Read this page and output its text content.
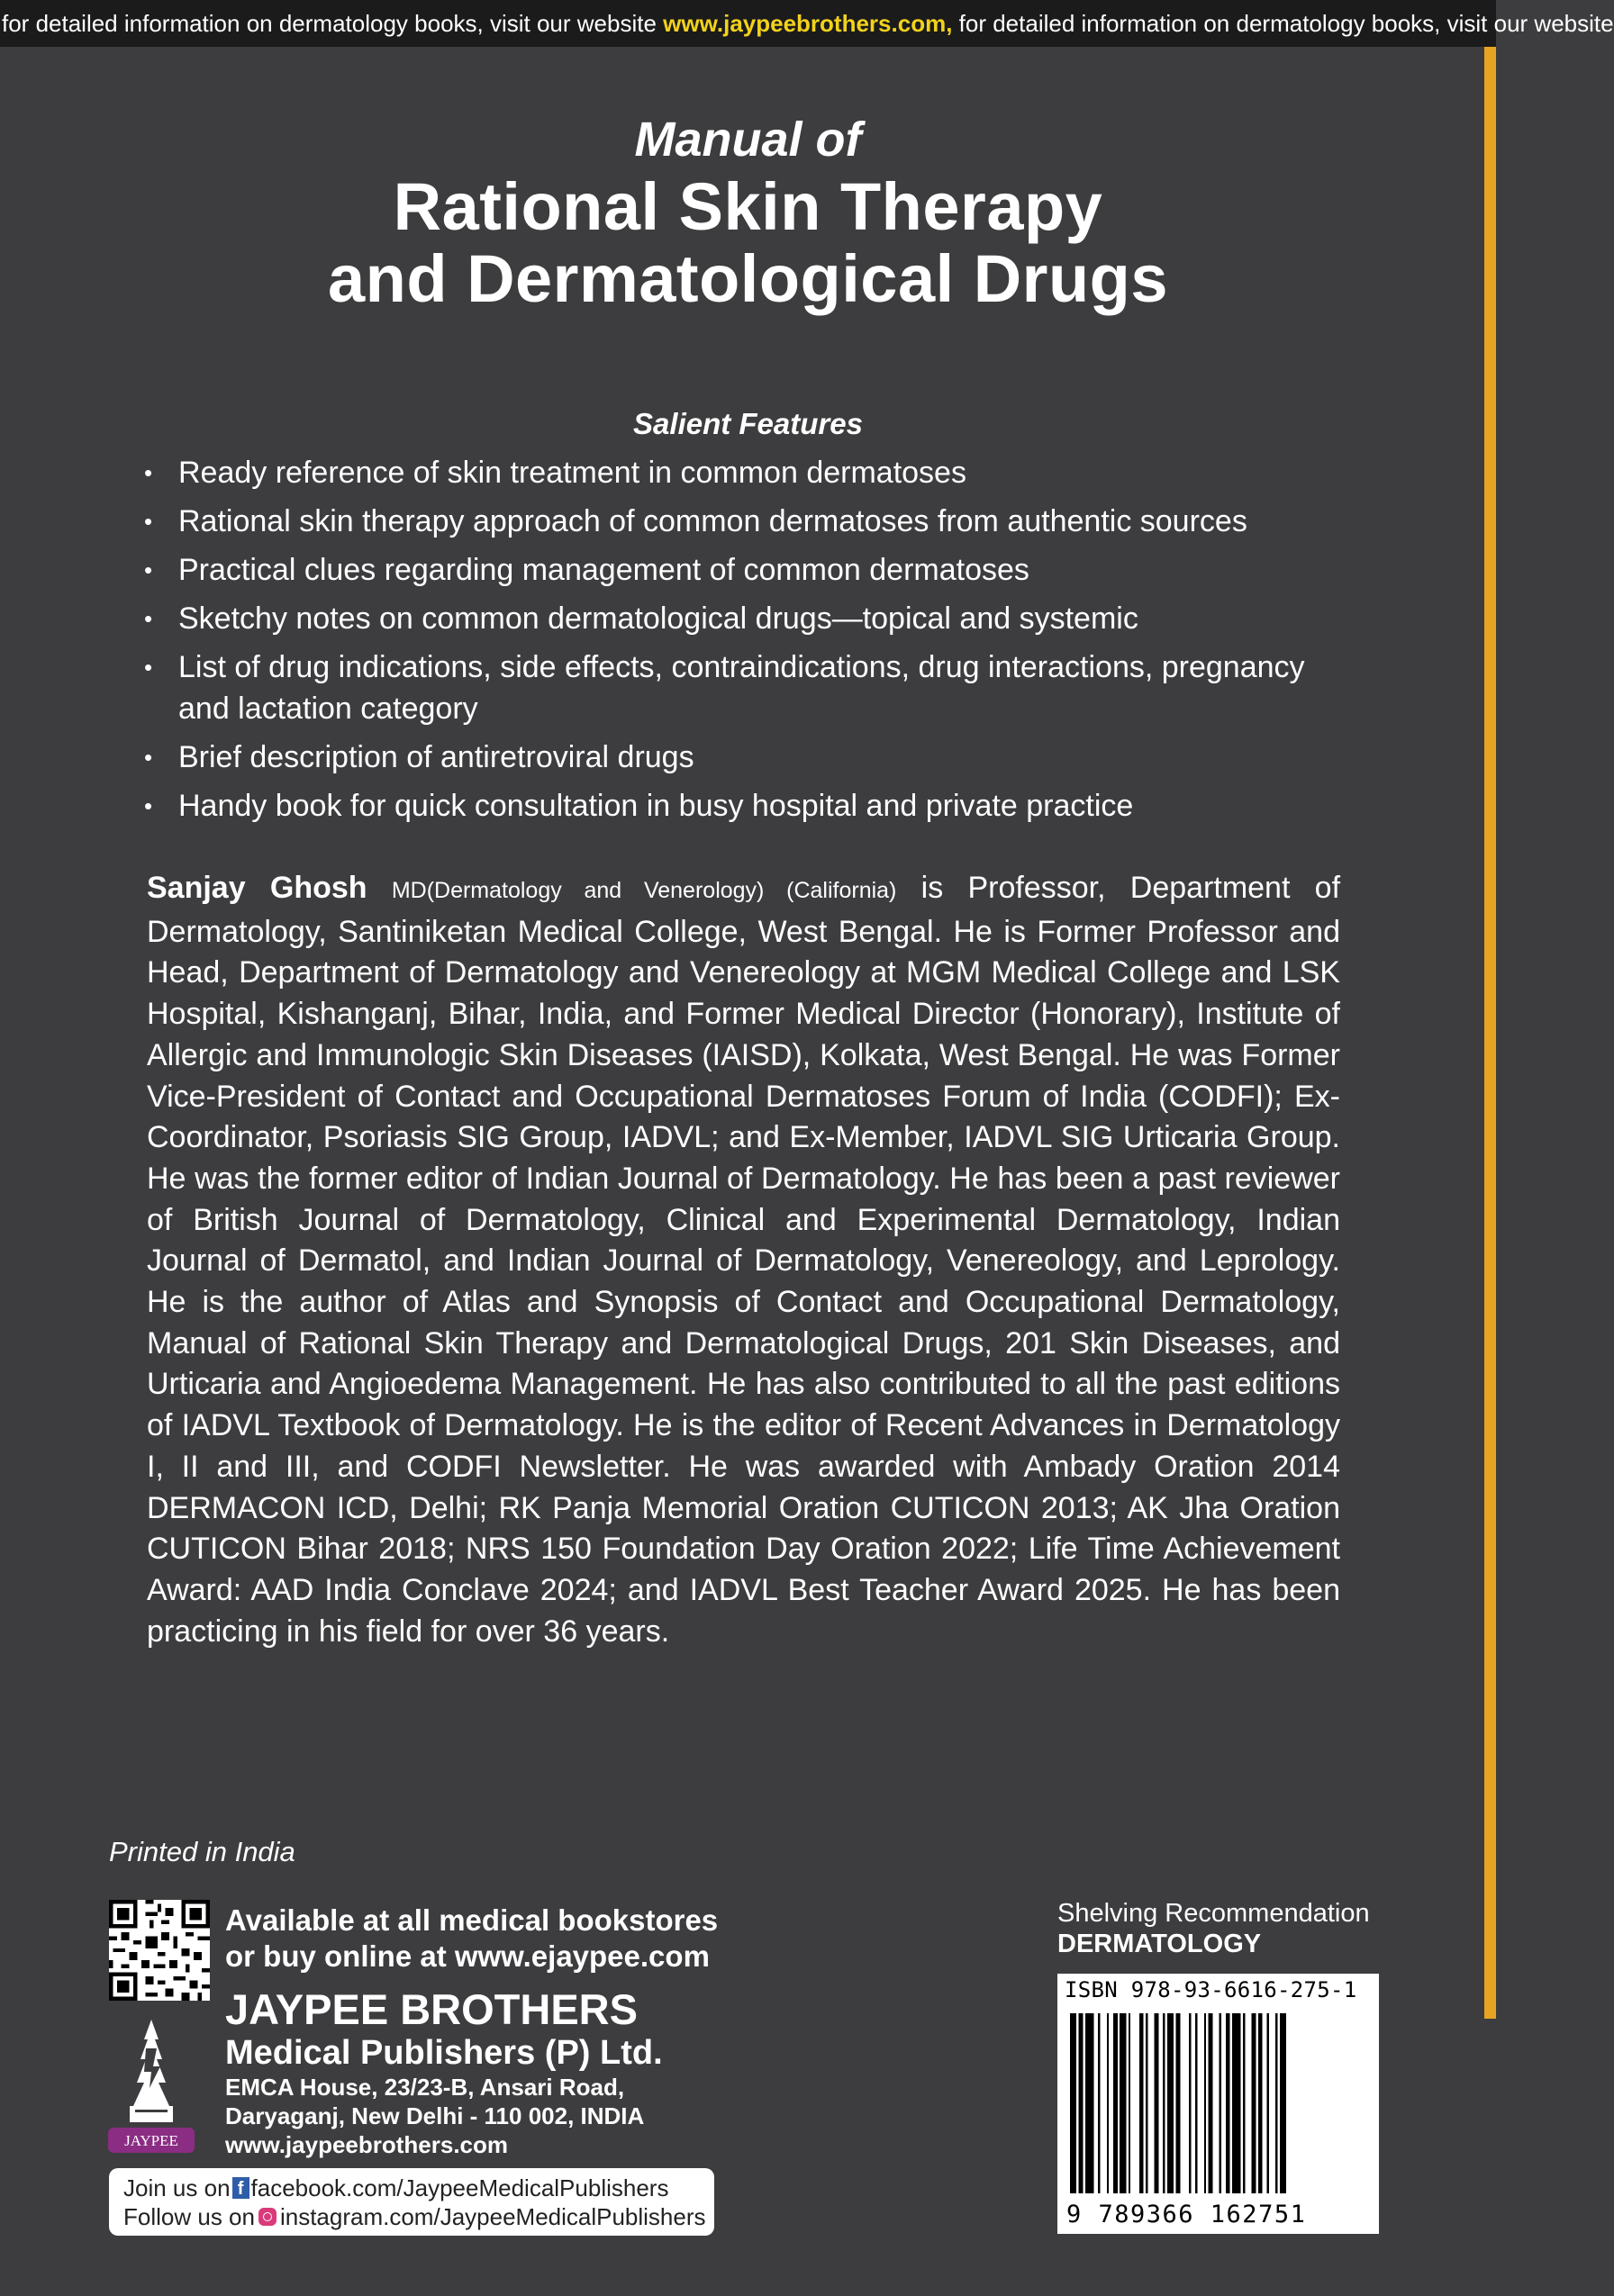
for detailed information on dermatology books, visit our website www.jaypeebrothers.com, for detailed information on dermatology books, visit our website
Manual of
Rational Skin Therapy
and Dermatological Drugs
Salient Features
• Ready reference of skin treatment in common dermatoses
• Rational skin therapy approach of common dermatoses from authentic sources
• Practical clues regarding management of common dermatoses
• Sketchy notes on common dermatological drugs—topical and systemic
• List of drug indications, side effects, contraindications, drug interactions, pregnancy and lactation category
• Brief description of antiretroviral drugs
• Handy book for quick consultation in busy hospital and private practice

Sanjay Ghosh MD(Dermatology and Venerology) (California) is Professor, Department of Dermatology, Santiniketan Medical College, West Bengal. He is Former Professor and Head, Department of Dermatology and Venereology at MGM Medical College and LSK Hospital, Kishanganj, Bihar, India, and Former Medical Director (Honorary), Institute of Allergic and Immunologic Skin Diseases (IAISD), Kolkata, West Bengal. He was Former Vice-President of Contact and Occupational Dermatoses Forum of India (CODFI); Ex-Coordinator, Psoriasis SIG Group, IADVL; and Ex-Member, IADVL SIG Urticaria Group. He was the former editor of Indian Journal of Dermatology. He has been a past reviewer of British Journal of Dermatology, Clinical and Experimental Dermatology, Indian Journal of Dermatol, and Indian Journal of Dermatology, Venereology, and Leprology. He is the author of Atlas and Synopsis of Contact and Occupational Dermatology, Manual of Rational Skin Therapy and Dermatological Drugs, 201 Skin Diseases, and Urticaria and Angioedema Management. He has also contributed to all the past editions of IADVL Textbook of Dermatology. He is the editor of Recent Advances in Dermatology I, II and III, and CODFI Newsletter. He was awarded with Ambady Oration 2014 DERMACON ICD, Delhi; RK Panja Memorial Oration CUTICON 2013; AK Jha Oration CUTICON Bihar 2018; NRS 150 Foundation Day Oration 2022; Life Time Achievement Award: AAD India Conclave 2024; and IADVL Best Teacher Award 2025. He has been practicing in his field for over 36 years.

Printed in India
Available at all medical bookstores
or buy online at www.ejaypee.com
JAYPEE
JAYPEE BROTHERS
Medical Publishers (P) Ltd.
EMCA House, 23/23-B, Ansari Road,
Daryaganj, New Delhi - 110 002, INDIA
www.jaypeebrothers.com
Join us on f facebook.com/JaypeeMedicalPublishers
Follow us on instagram.com/JaypeeMedicalPublishers
Shelving Recommendation
DERMATOLOGY
ISBN 978-93-6616-275-1
9 789366 162751
